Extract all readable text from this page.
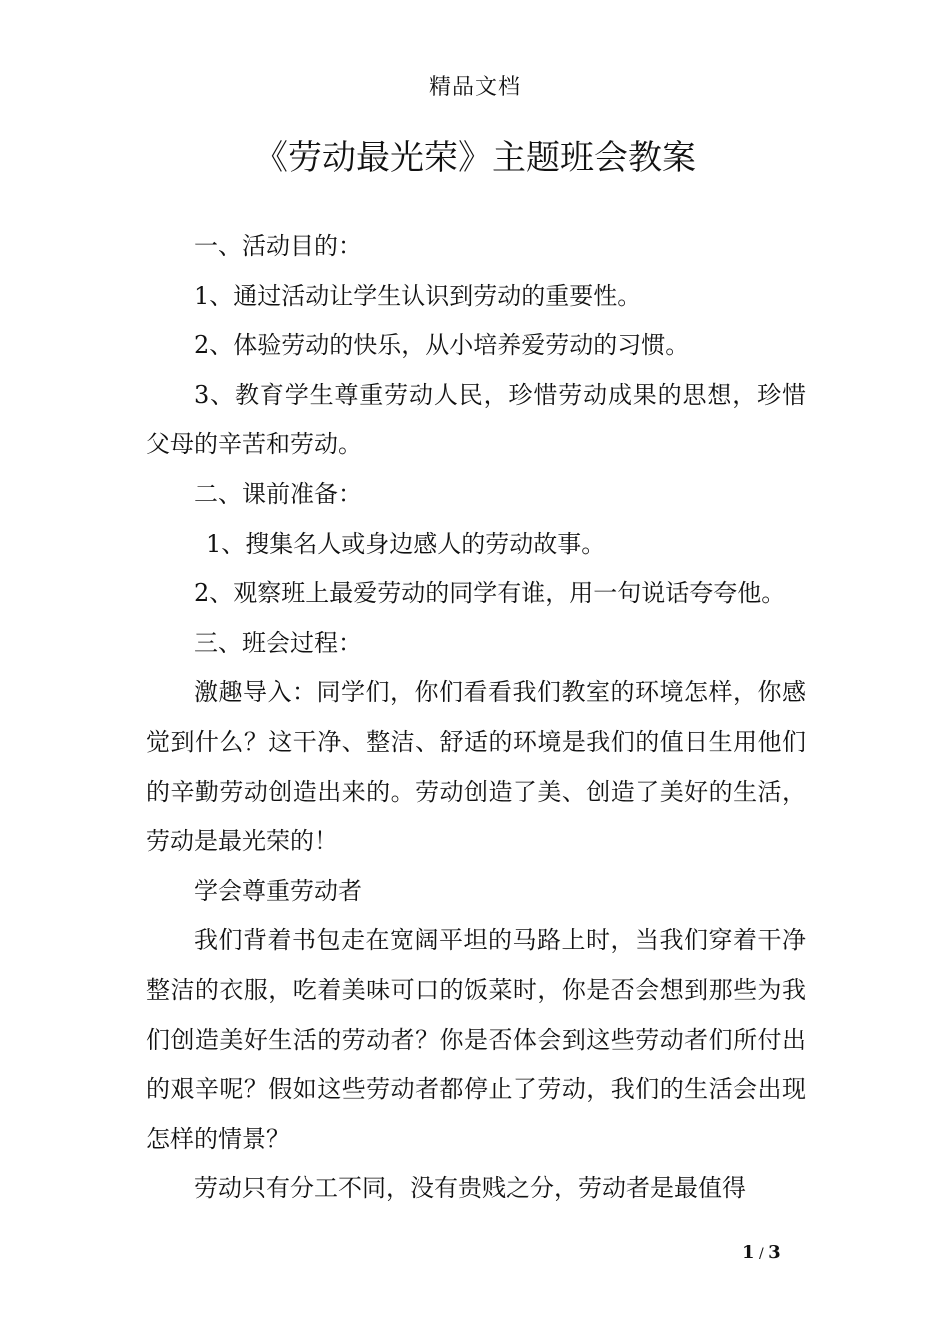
精品文档
《劳动最光荣》主题班会教案

一、活动目的：

1、通过活动让学生认识到劳动的重要性。

2、体验劳动的快乐，从小培养爱劳动的习惯。

3、教育学生尊重劳动人民，珍惜劳动成果的思想，珍惜父母的辛苦和劳动。

二、课前准备：

1、搜集名人或身边感人的劳动故事。

2、观察班上最爱劳动的同学有谁，用一句说话夸夸他。

三、班会过程：

激趣导入：同学们，你们看看我们教室的环境怎样，你感觉到什么？这干净、整洁、舒适的环境是我们的值日生用他们的辛勤劳动创造出来的。劳动创造了美、创造了美好的生活，劳动是最光荣的！

学会尊重劳动者

我们背着书包走在宽阔平坦的马路上时，当我们穿着干净整洁的衣服，吃着美味可口的饭菜时，你是否会想到那些为我们创造美好生活的劳动者？你是否体会到这些劳动者们所付出的艰辛呢？假如这些劳动者都停止了劳动，我们的生活会出现怎样的情景？

劳动只有分工不同，没有贵贱之分，劳动者是最值得

1 / 3
